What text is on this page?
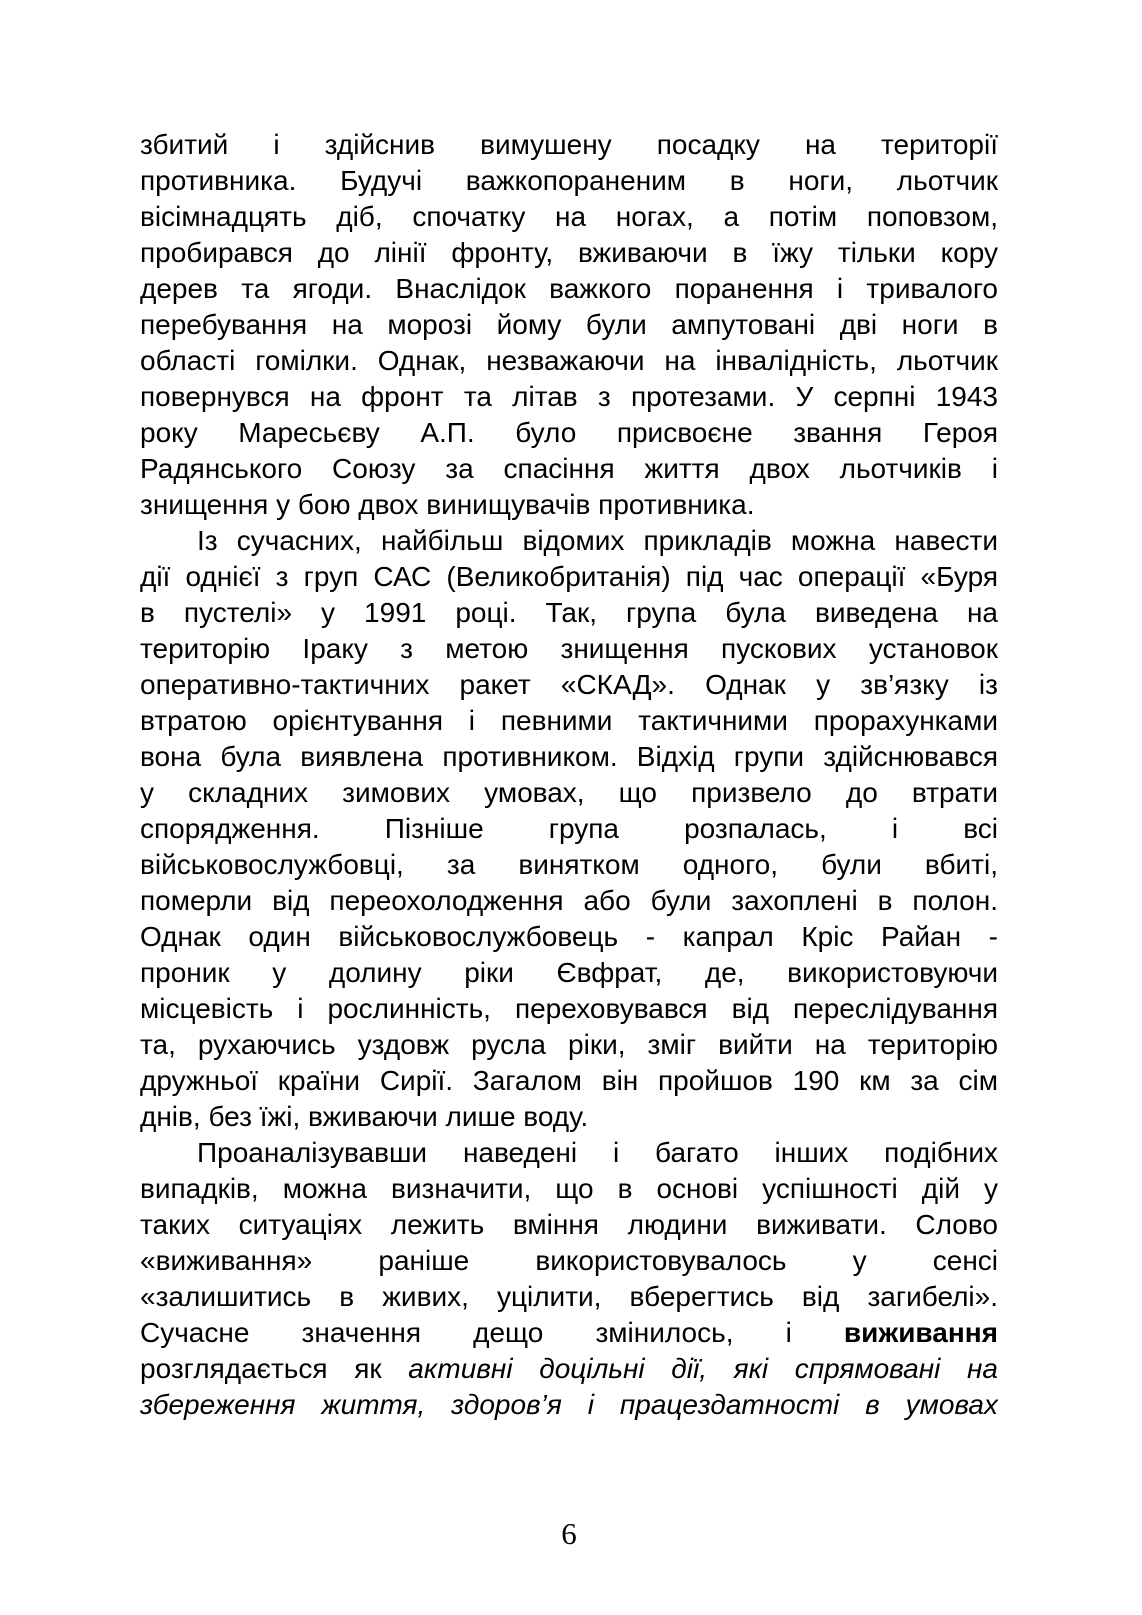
збитий і здійснив вимушену посадку на території
противника. Будучі важкопораненим в ноги, льотчик
вісімнадцять діб, спочатку на ногах, а потім поповзом,
пробирався до лінії фронту, вживаючи в їжу тільки кору
дерев та ягоди. Внаслідок важкого поранення і тривалого
перебування на морозі йому були ампутовані дві ноги в
області гомілки. Однак, незважаючи на інвалідність, льотчик
повернувся на фронт та літав з протезами. У серпні 1943
року Маресьєву А.П. було присвоєне звання Героя
Радянського Союзу за спасіння життя двох льотчиків і
знищення у бою двох винищувачів противника.
Із сучасних, найбільш відомих прикладів можна навести
дії однієї з груп САС (Великобританія) під час операції «Буря
в пустелі» у 1991 році. Так, група була виведена на
територію Іраку з метою знищення пускових установок
оперативно-тактичних ракет «СКАД». Однак у зв’язку із
втратою орієнтування і певними тактичними прорахунками
вона була виявлена противником. Відхід групи здійснювався
у складних зимових умовах, що призвело до втрати
спорядження. Пізніше група розпалась, і всі
військовослужбовці, за винятком одного, були вбиті,
померли від переохолодження або були захоплені в полон.
Однак один військовослужбовець - капрал Кріс Райан -
проник у долину ріки Євфрат, де, використовуючи
місцевість і рослинність, переховувався від переслідування
та, рухаючись уздовж русла ріки, зміг вийти на територію
дружньої країни Сирії. Загалом він пройшов 190 км за сім
днів, без їжі, вживаючи лише воду.
Проаналізувавши наведені і багато інших подібних
випадків, можна визначити, що в основі успішності дій у
таких ситуаціях лежить вміння людини виживати. Слово
«виживання» раніше використовувалось у сенсі
«залишитись в живих, уцілити, вберегтись від загибелі».
Сучасне значення дещо змінилось, і виживання
розглядається як активні доцільні дії, які спрямовані на
збереження життя, здоров’я і працездатності в умовах
6
